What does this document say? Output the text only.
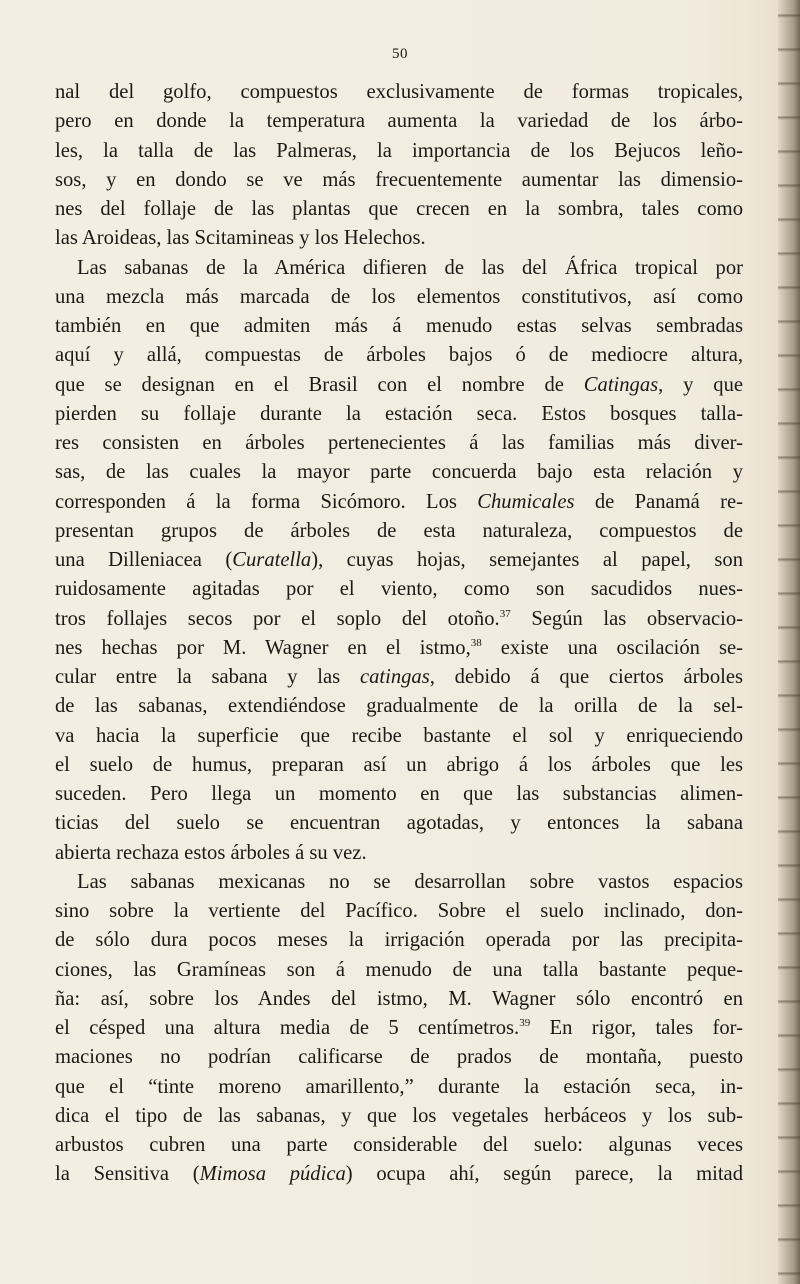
50
nal del golfo, compuestos exclusivamente de formas tropicales,
pero en donde la temperatura aumenta la variedad de los árbo-
les, la talla de las Palmeras, la importancia de los Bejucos leño-
sos, y en dondo se ve más frecuentemente aumentar las dimensio-
nes del follaje de las plantas que crecen en la sombra, tales como
las Aroideas, las Scitamineas y los Helechos.
Las sabanas de la América difieren de las del África tropical por
una mezcla más marcada de los elementos constitutivos, así como
también en que admiten más á menudo estas selvas sembradas
aquí y allá, compuestas de árboles bajos ó de mediocre altura,
que se designan en el Brasil con el nombre de Catingas, y que
pierden su follaje durante la estación seca. Estos bosques talla-
res consisten en árboles pertenecientes á las familias más diver-
sas, de las cuales la mayor parte concuerda bajo esta relación y
corresponden á la forma Sicómoro. Los Chumicales de Panamá re-
presentan grupos de árboles de esta naturaleza, compuestos de
una Dilleniacea (Curatella), cuyas hojas, semejantes al papel, son
ruidosamente agitadas por el viento, como son sacudidos nues-
tros follajes secos por el soplo del otoño.$^{37}$ Según las observacio-
nes hechas por M. Wagner en el istmo,$^{38}$ existe una oscilación se-
cular entre la sabana y las catingas, debido á que ciertos árboles
de las sabanas, extendiéndose gradualmente de la orilla de la sel-
va hacia la superficie que recibe bastante el sol y enriqueciendo
el suelo de humus, preparan así un abrigo á los árboles que les
suceden. Pero llega un momento en que las substancias alimen-
ticias del suelo se encuentran agotadas, y entonces la sabana
abierta rechaza estos árboles á su vez.
Las sabanas mexicanas no se desarrollan sobre vastos espacios
sino sobre la vertiente del Pacífico. Sobre el suelo inclinado, don-
de sólo dura pocos meses la irrigación operada por las precipita-
ciones, las Gramíneas son á menudo de una talla bastante peque-
ña: así, sobre los Andes del istmo, M. Wagner sólo encontró en
el césped una altura media de 5 centímetros.$^{39}$ En rigor, tales for-
maciones no podrían calificarse de prados de montaña, puesto
que el “tinte moreno amarillento,” durante la estación seca, in-
dica el tipo de las sabanas, y que los vegetales herbáceos y los sub-
arbustos cubren una parte considerable del suelo: algunas veces
la Sensitiva (Mimosa púdica) ocupa ahí, según parece, la mitad
